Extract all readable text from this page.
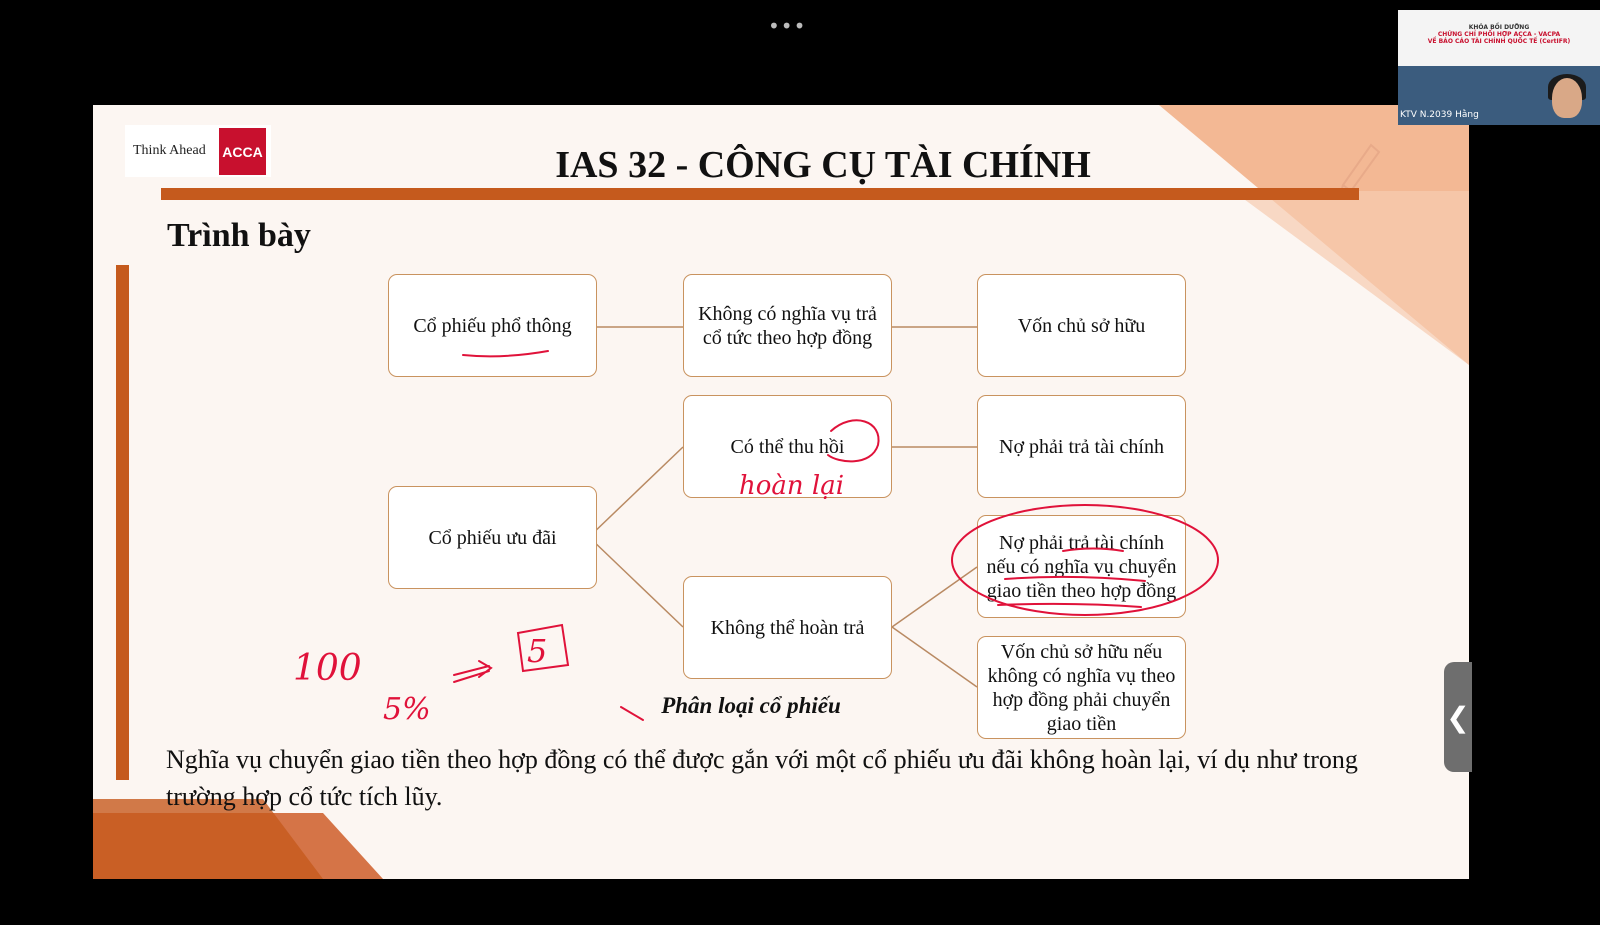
•••
Think Ahead ACCA	IAS 32 - CÔNG CỤ TÀI CHÍNH
Trình bày
Cổ phiếu phổ thông
Không có nghĩa vụ trả cổ tức theo hợp đồng
Vốn chủ sở hữu
Có thể thu hồi	Nợ phải trả tài chính
Cổ phiếu ưu đãi	Nợ phải trả tài chính nếu có nghĩa vụ chuyển giao tiền theo hợp đồng
Không thể hoàn trả
Vốn chủ sở hữu nếu không có nghĩa vụ theo hợp đồng phải chuyển giao tiền
Phân loại cổ phiếu
Nghĩa vụ chuyển giao tiền theo hợp đồng có thể được gắn với một cổ phiếu ưu đãi không hoàn lại, ví dụ như trong trường hợp cổ tức tích lũy.
hoàn lại
100
5%
5
KHÓA BỒI DƯỠNG
CHỨNG CHỈ PHỐI HỢP ACCA - VACPA
VỀ BÁO CÁO TÀI CHÍNH QUỐC TẾ (CertIFR)
KTV N.2039 Hằng
❮
